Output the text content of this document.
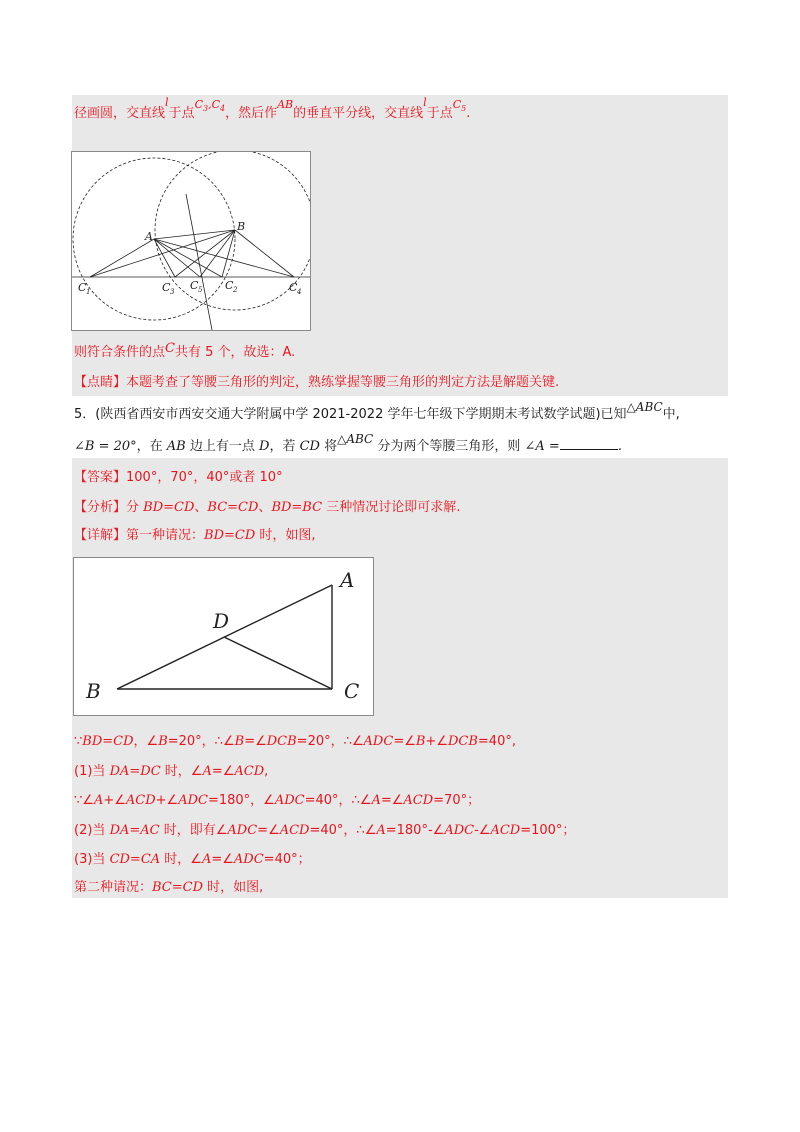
径画圆，交直线$^l$于点$^{C_3,C_4}$，然后作$^{AB}$的垂直平分线，交直线$^l$于点$^{C_5}$.
A
B
C 1	C 3 C 5 C 2	C 4
则符合条件的点C共有 5 个，故选：A.
【点睛】本题考查了等腰三角形的判定，熟练掌握等腰三角形的判定方法是解题关键.
5．(陕西省西安市西安交通大学附属中学 2021-2022 学年七年级下学期期末考试数学试题)已知△ABC中,
∠B = 20°，在 AB 边上有一点 D，若 CD 将△ABC 分为两个等腰三角形，则 ∠A =	.
【答案】100°，70°，40°或者 10°
【分析】分 BD=CD、BC=CD、BD=BC 三种情况讨论即可求解.
【详解】第一种请况：BD=CD 时，如图,
A
B	C
D
∵BD=CD，∠B=20°，∴∠B=∠DCB=20°，∴∠ADC=∠B+∠DCB=40°,
(1)当 DA=DC 时，∠A=∠ACD,
∵∠A+∠ACD+∠ADC=180°，∠ADC=40°，∴∠A=∠ACD=70°；
(2)当 DA=AC 时，即有∠ADC=∠ACD=40°，∴∠A=180°-∠ADC-∠ACD=100°；
(3)当 CD=CA 时，∠A=∠ADC=40°；
第二种请况：BC=CD 时，如图,
